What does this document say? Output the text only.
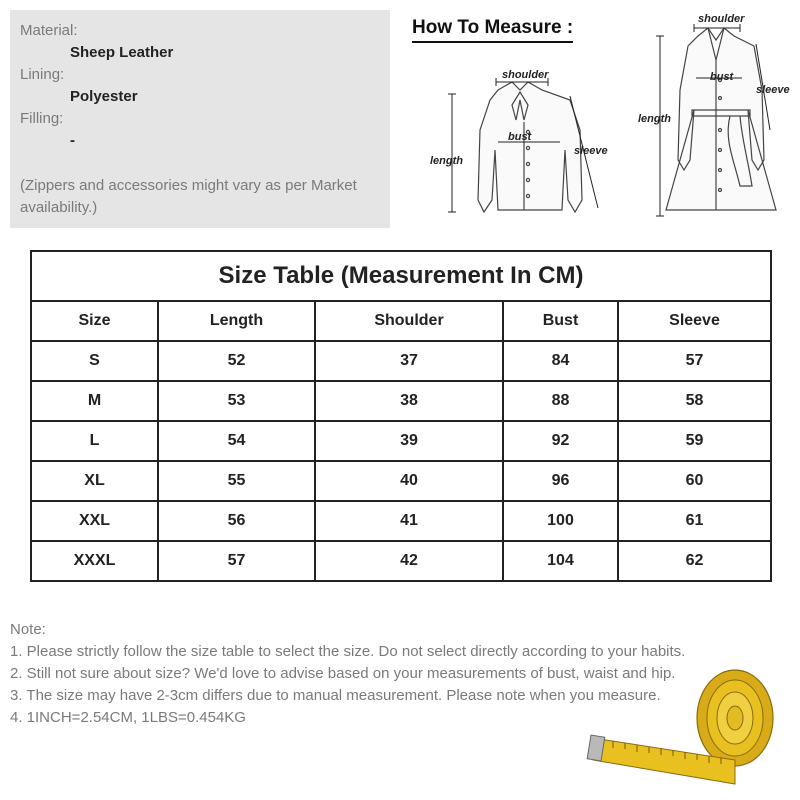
Material:
Sheep Leather
Lining:
Polyester
Filling:
-
(Zippers and accessories might vary as per Market availability.)
How To Measure :
shoulder
bust
length
sleeve
shoulder
bust
length
sleeve
Size Table (Measurement In CM)				
Size	Length	Shoulder	Bust	Sleeve
S	52	37	84	57
M	53	38	88	58
L	54	39	92	59
XL	55	40	96	60
XXL	56	41	100	61
XXXL	57	42	104	62
Note:
1. Please strictly follow the size table to select the size. Do not select directly according to your habits.
2. Still not sure about size? We'd love to advise based on your measurements of bust, waist and hip.
3. The size may have 2-3cm differs due to manual measurement. Please note when you measure.
4. 1INCH=2.54CM, 1LBS=0.454KG
